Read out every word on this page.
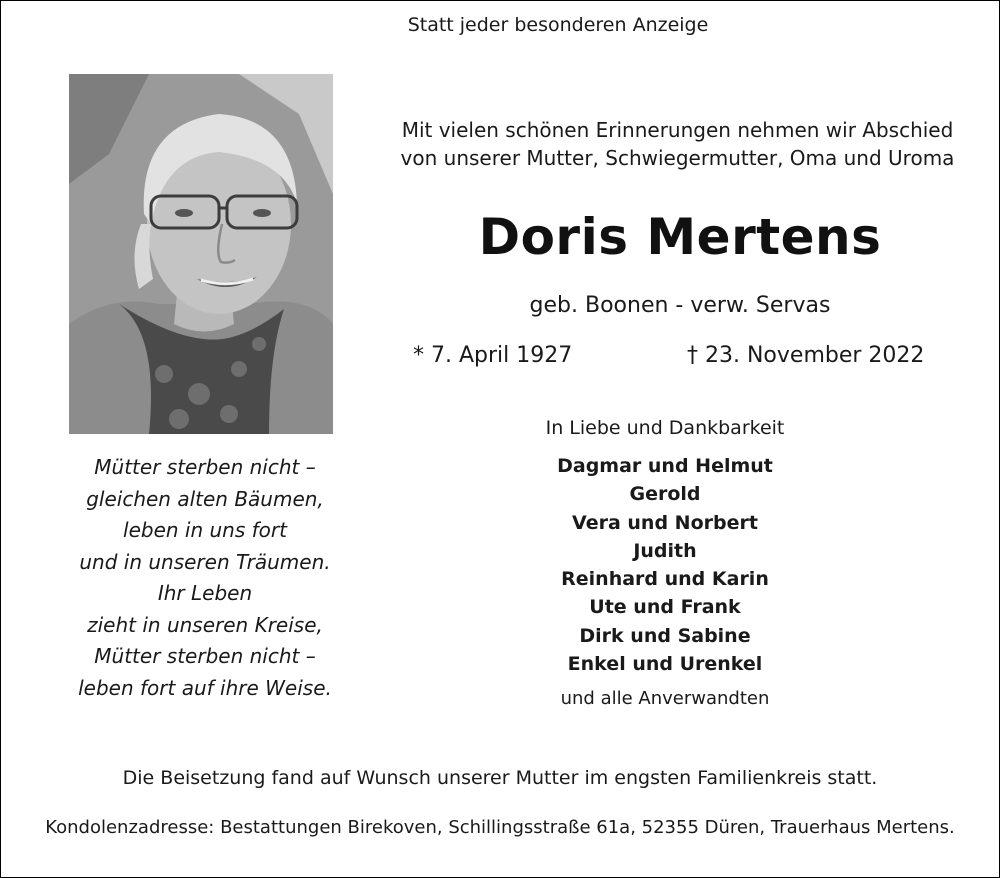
Statt jeder besonderen Anzeige
Mütter sterben nicht –
gleichen alten Bäumen,
leben in uns fort
und in unseren Träumen.
Ihr Leben
zieht in unseren Kreise,
Mütter sterben nicht –
leben fort auf ihre Weise.
Mit vielen schönen Erinnerungen nehmen wir Abschied
von unserer Mutter, Schwiegermutter, Oma und Uroma
Doris Mertens
geb. Boonen - verw. Servas
* 7. April 1927	† 23. November 2022
In Liebe und Dankbarkeit
Dagmar und Helmut
Gerold
Vera und Norbert
Judith
Reinhard und Karin
Ute und Frank
Dirk und Sabine
Enkel und Urenkel
und alle Anverwandten
Die Beisetzung fand auf Wunsch unserer Mutter im engsten Familienkreis statt.
Kondolenzadresse: Bestattungen Birekoven, Schillingsstraße 61a, 52355 Düren, Trauerhaus Mertens.
